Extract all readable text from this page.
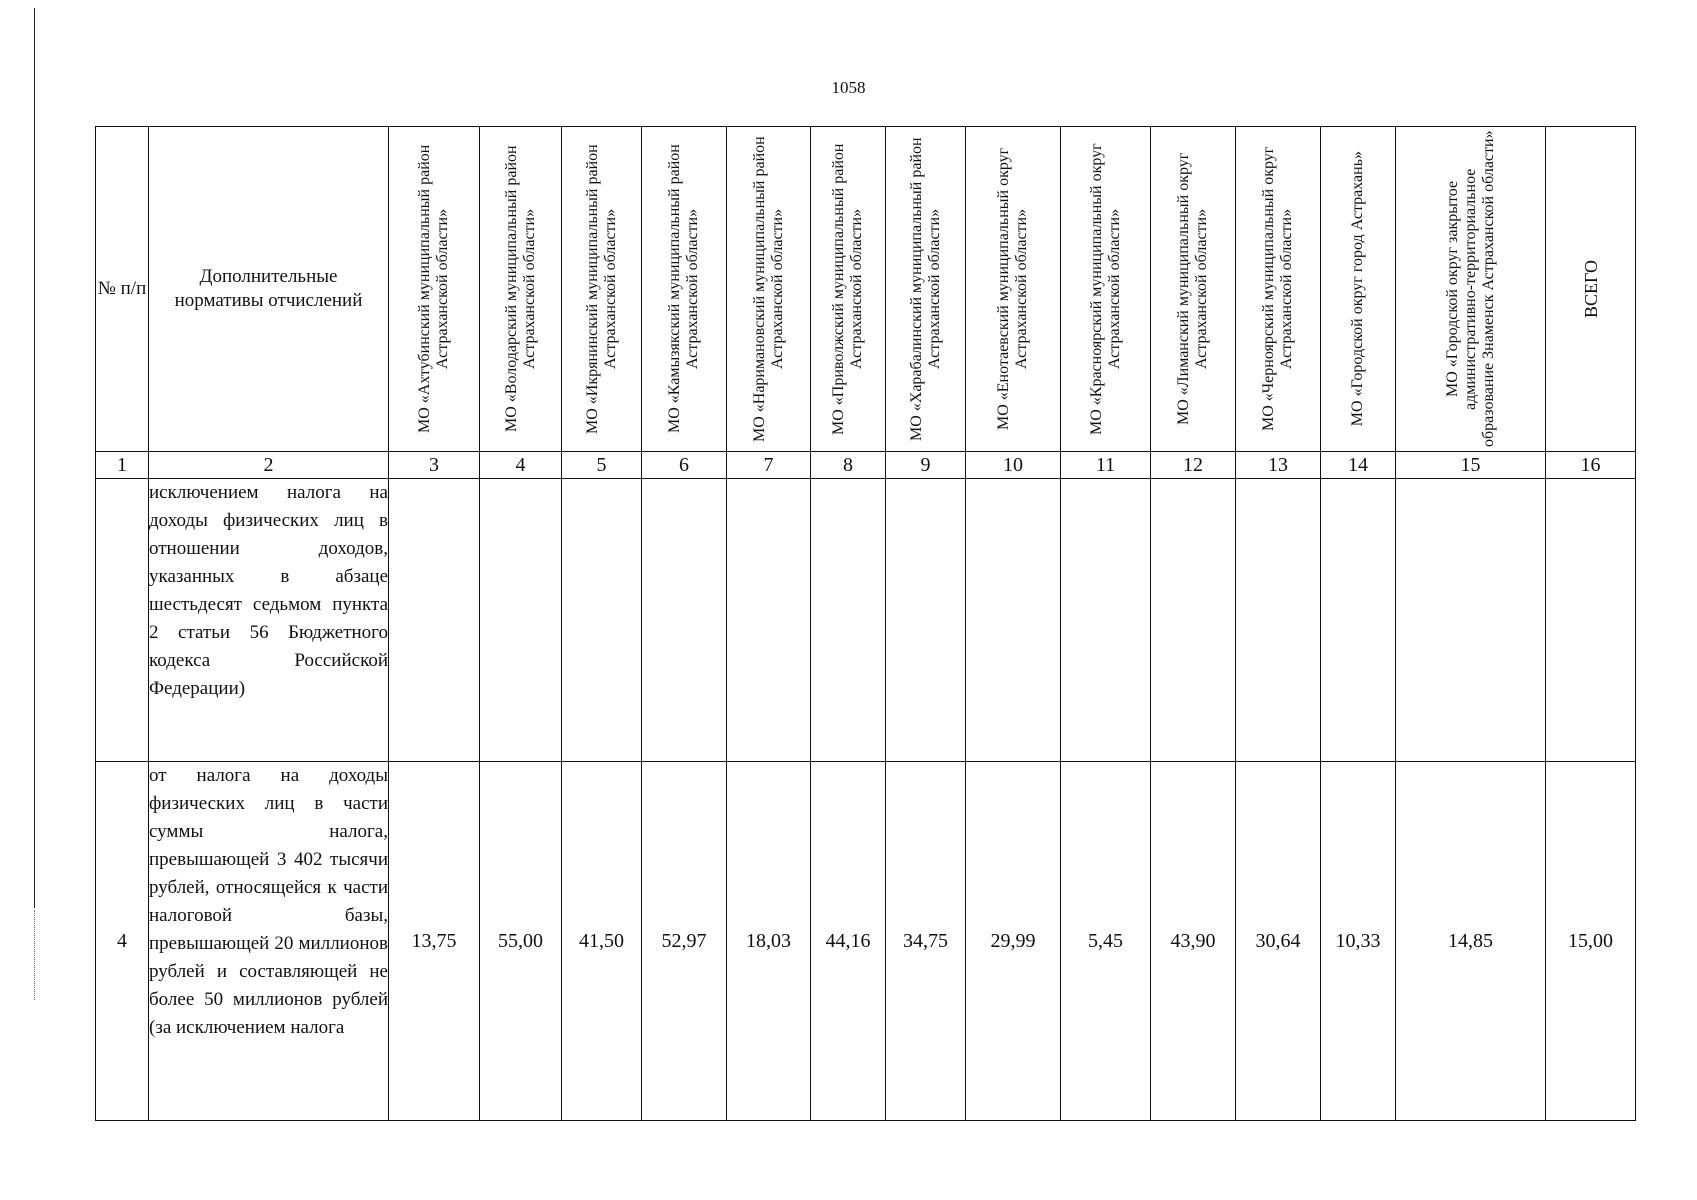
1058
№ п/п	Дополнительные нормативы отчислений	МО «Ахтубинский муниципальный район Астраханской области»	МО «Володарский муниципальный район Астраханской области»	МО «Икрянинский муниципальный район Астраханской области»	МО «Камызякский муниципальный район Астраханской области»	МО «Наримановский муниципальный район Астраханской области»	МО «Приволжский муниципальный район Астраханской области»	МО «Харабалинский муниципальный район Астраханской области»	МО «Енотаевский муниципальный округ Астраханской области»	МО «Красноярский муниципальный округ Астраханской области»	МО «Лиманский муниципальный округ Астраханской области»	МО «Черноярский муниципальный округ Астраханской области»	МО «Городской округ город Астрахань»	МО «Городской округ закрытое административно-территориальное образование Знаменск Астраханской области»	ВСЕГО

1	2	3	4	5	6	7	8	9	10	11	12	13	14	15	16
	исключением налога на доходы физических лиц в отношении доходов, указанных в абзаце шестьдесят седьмом пункта 2 статьи 56 Бюджетного кодекса Российской Федерации)														
4	от налога на доходы физических лиц в части суммы налога, превышающей 3 402 тысячи рублей, относящейся к части налоговой базы, превышающей 20 миллионов рублей и составляющей не более 50 миллионов рублей (за исключением налога	13,75	55,00	41,50	52,97	18,03	44,16	34,75	29,99	5,45	43,90	30,64	10,33	14,85	15,00
